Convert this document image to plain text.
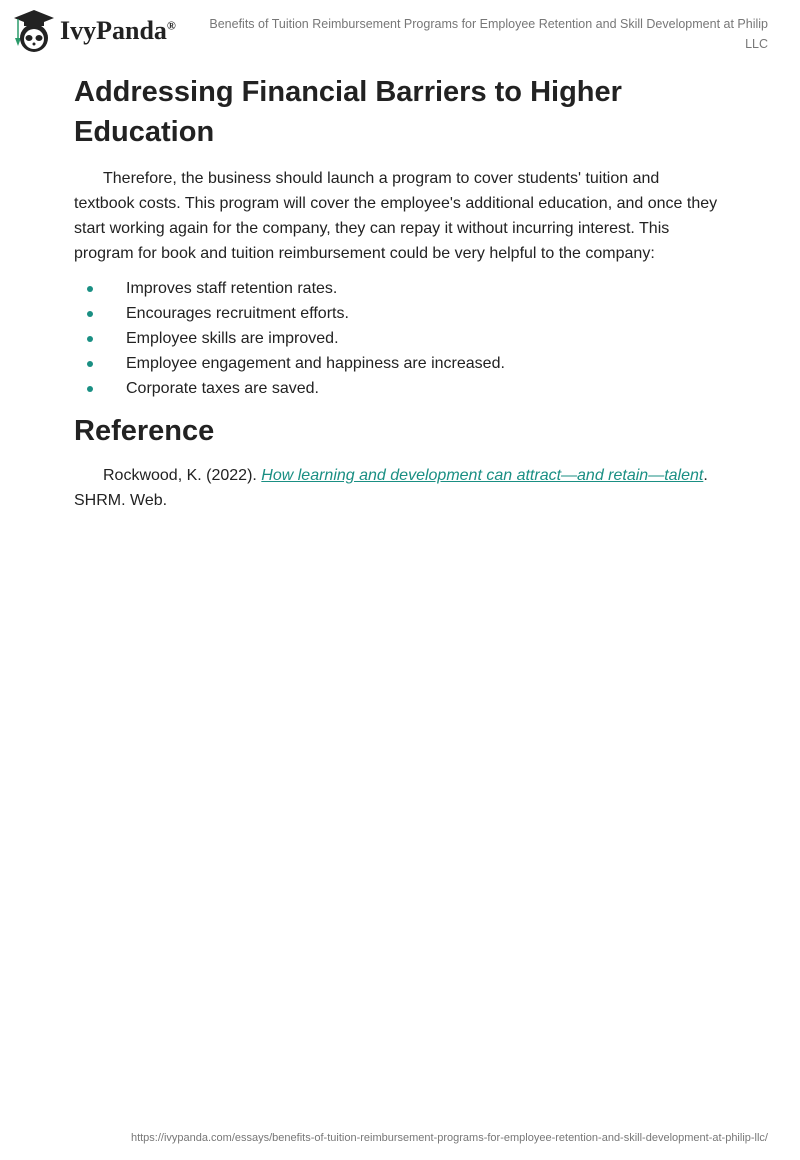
IvyPanda®	Benefits of Tuition Reimbursement Programs for Employee Retention and Skill Development at Philip LLC
Addressing Financial Barriers to Higher Education

Therefore, the business should launch a program to cover students' tuition and textbook costs. This program will cover the employee's additional education, and once they start working again for the company, they can repay it without incurring interest. This program for book and tuition reimbursement could be very helpful to the company:

Improves staff retention rates.
Encourages recruitment efforts.
Employee skills are improved.
Employee engagement and happiness are increased.
Corporate taxes are saved.
Reference

Rockwood, K. (2022). How learning and development can attract—and retain—talent. SHRM. Web.

https://ivypanda.com/essays/benefits-of-tuition-reimbursement-programs-for-employee-retention-and-skill-development-at-philip-llc/
